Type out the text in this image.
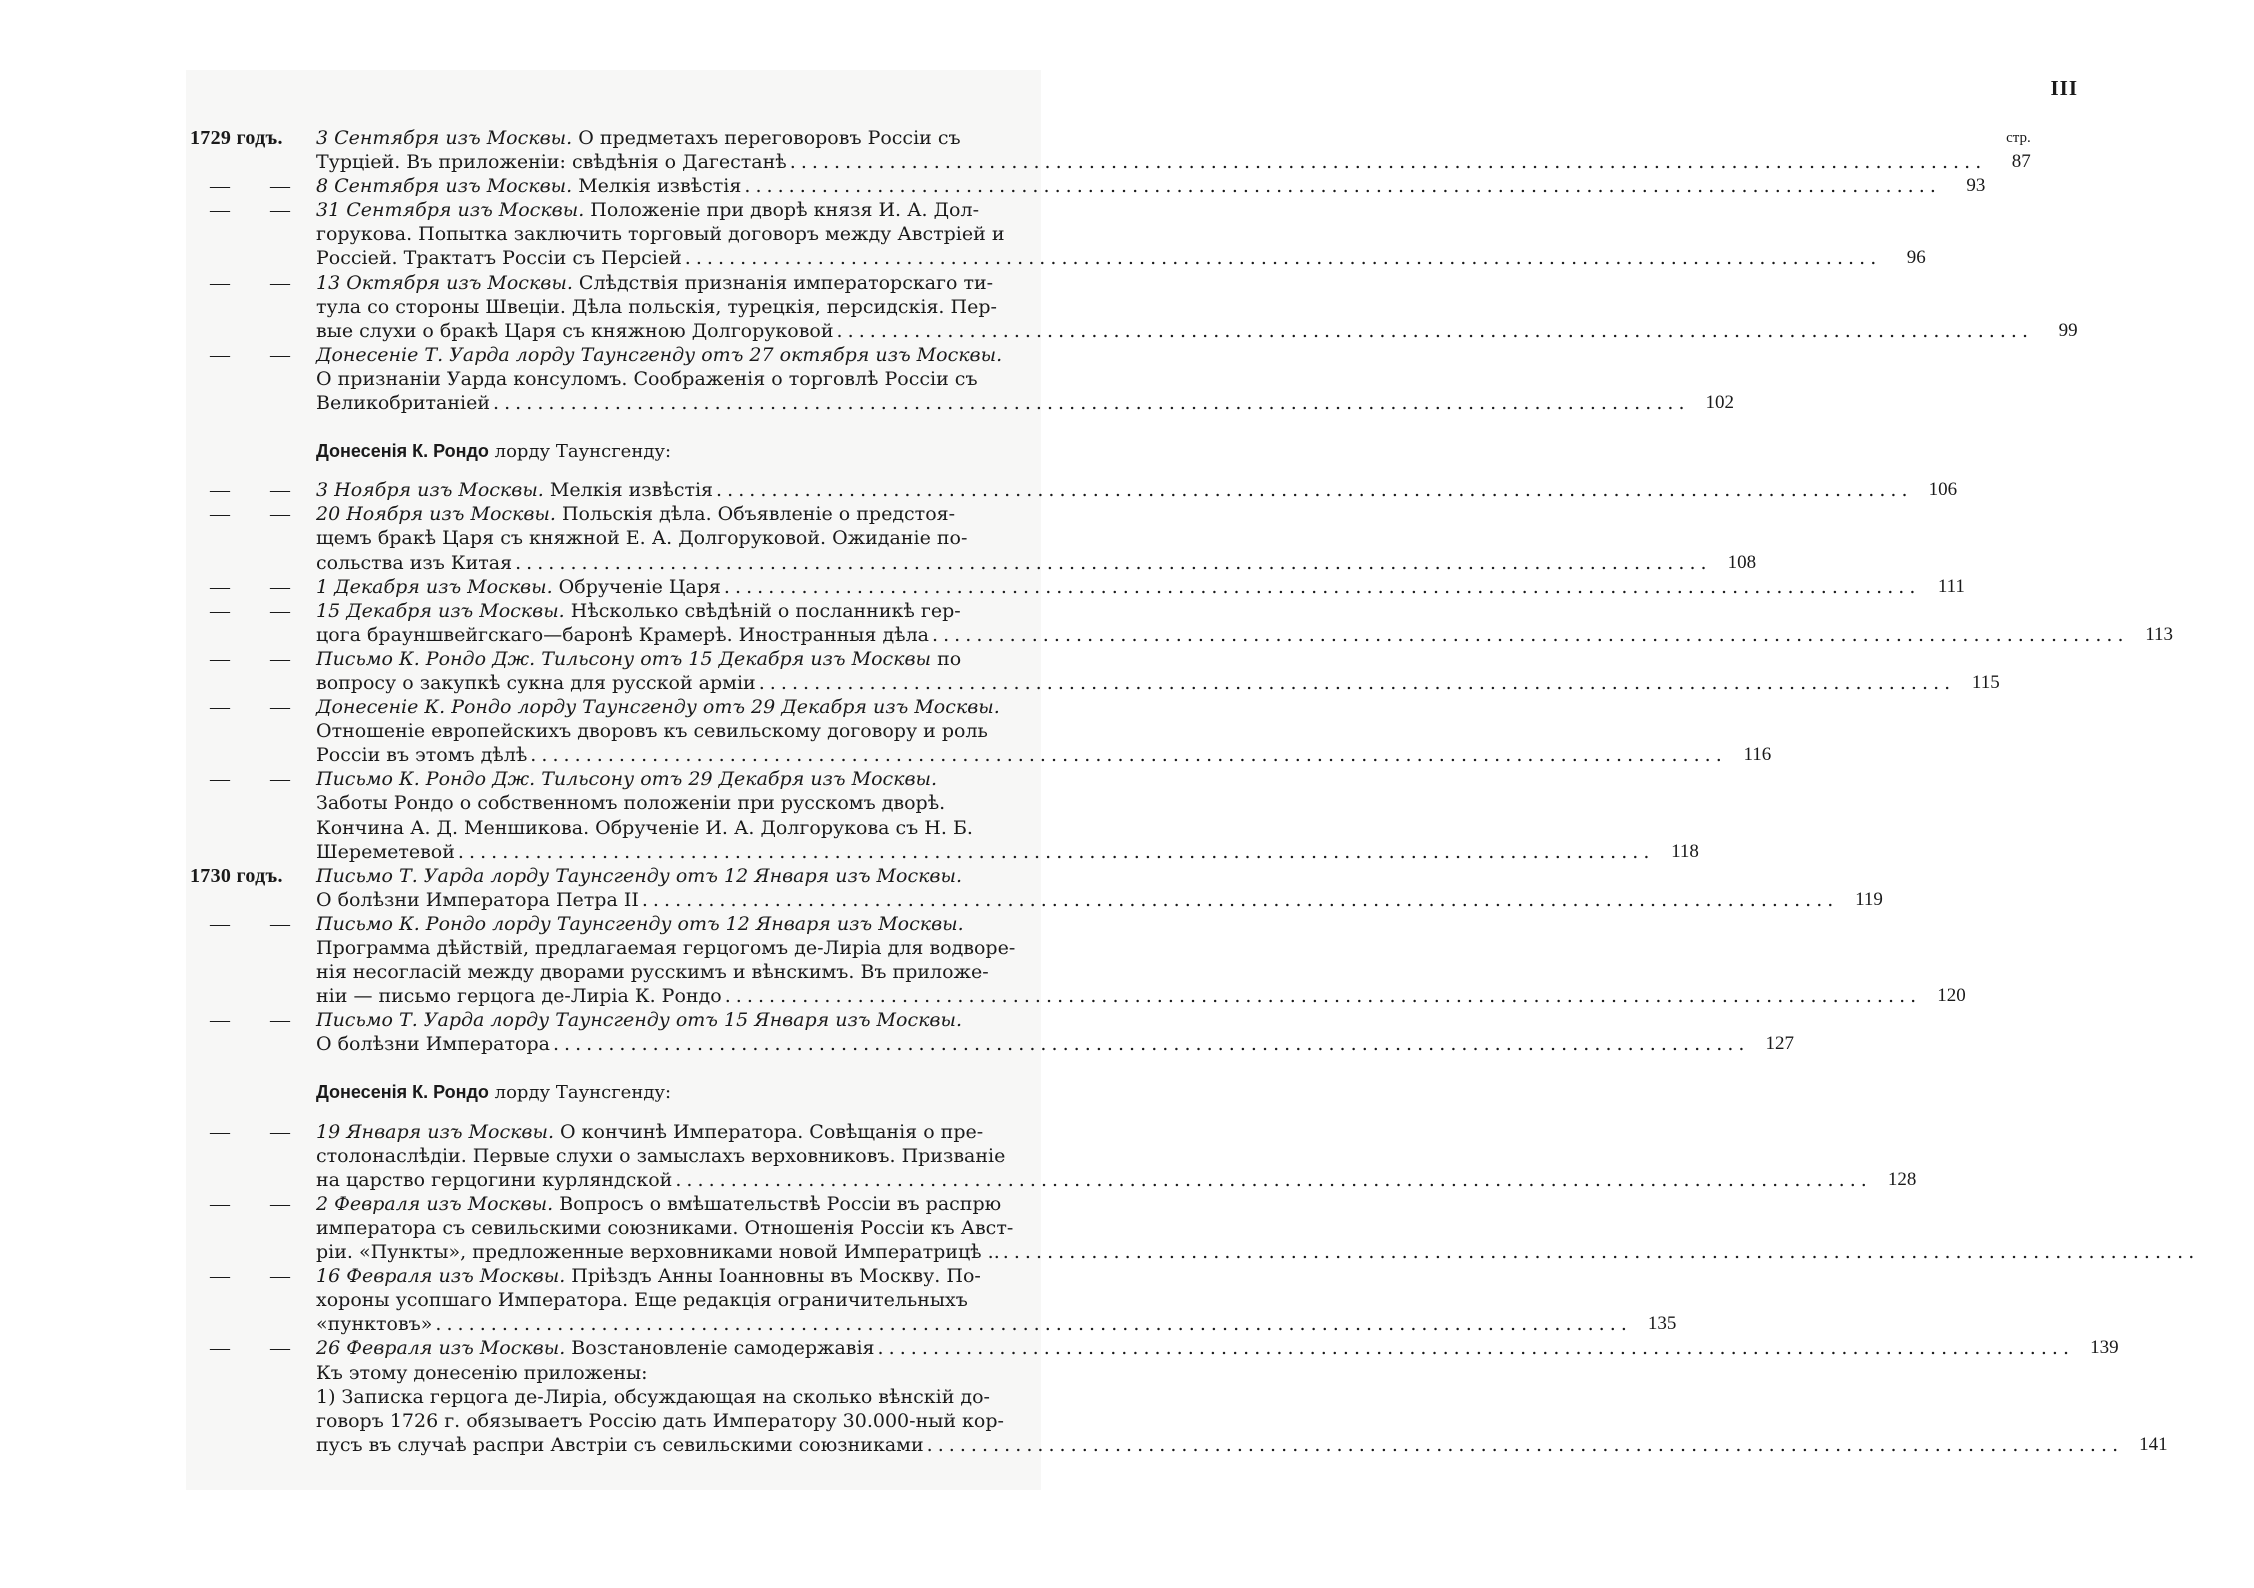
III
1729 годъ. 3 Сентября изъ Москвы. О предметахъ переговоровъ Россіи съ
Турціей. Въ приложеніи: свѣдѣнія о Дагестанѣ
. . .
стр.
87
— — 8 Сентября изъ Москвы. Мелкія извѣстія . . .	93
— — 31 Сентября изъ Москвы. Положеніе при дворѣ князя И. А. Дол-
горукова. Попытка заключить торговый договоръ между Австріей и
Россіей. Трактатъ Россіи съ Персіей . . .

	96
— — 13 Октября изъ Москвы. Слѣдствія признанія императорскаго ти-
тула со стороны Швеціи. Дѣла польскія, турецкія, персидскія. Пер-
вые слухи о бракѣ Царя съ княжною Долгоруковой . . .

	99
— — Донесеніе Т. Уарда лорду Таунсгенду отъ 27 октября изъ Москвы.
О признаніи Уарда консуломъ. Соображенія о торговлѣ Россіи съ
Великобританіей . . .

	102
Донесенія К. Рондо лорду Таунсгенду:
— — 3 Ноября изъ Москвы. Мелкія извѣстія . . .	106
— — 20 Ноября изъ Москвы. Польскія дѣла. Объявленіе о предстоя-
щемъ бракѣ Царя съ княжной Е. А. Долгоруковой. Ожиданіе по-
сольства изъ Китая . . .

	108
— — 1 Декабря изъ Москвы. Обрученіе Царя . . .	111
— — 15 Декабря изъ Москвы. Нѣсколько свѣдѣній о посланникѣ гер-
цога брауншвейгскаго—баронѣ Крамерѣ. Иностранныя дѣла . . .
	113
— — Письмо К. Рондо Дж. Тильсону отъ 15 Декабря изъ Москвы по
вопросу о закупкѣ сукна для русской арміи . . .
	115
— — Донесеніе К. Рондо лорду Таунсгенду отъ 29 Декабря изъ Москвы.
Отношеніе европейскихъ дворовъ къ севильскому договору и роль
Россіи въ этомъ дѣлѣ . . .

	116
— — Письмо К. Рондо Дж. Тильсону отъ 29 Декабря изъ Москвы.
Заботы Рондо о собственномъ положеніи при русскомъ дворѣ.
Кончина А. Д. Меншикова. Обрученіе И. А. Долгорукова съ Н. Б.
Шереметевой . . .

	118
1730 годъ. Письмо Т. Уарда лорду Таунсгенду отъ 12 Января изъ Москвы.
О болѣзни Императора Петра II . . .
	119
— — Письмо К. Рондо лорду Таунсгенду отъ 12 Января изъ Москвы.
Программа дѣйствій, предлагаемая герцогомъ де-Лиріа для водворе-
нія несогласій между дворами русскимъ и вѣнскимъ. Въ приложе-
ніи — письмо герцога де-Лиріа К. Рондо . . .

	120
— — Письмо Т. Уарда лорду Таунсгенду отъ 15 Января изъ Москвы.
О болѣзни Императора . . .
	127
Донесенія К. Рондо лорду Таунсгенду:
— — 19 Января изъ Москвы. О кончинѣ Императора. Совѣщанія о пре-
столонаслѣдіи. Первые слухи о замыслахъ верховниковъ. Призваніе
на царство герцогини курляндской . . .

	128
— — 2 Февраля изъ Москвы. Вопросъ о вмѣшательствѣ Россіи въ распрю
императора съ севильскими союзниками. Отношенія Россіи къ Авст-
ріи. «Пункты», предложенные верховниками новой Императрицѣ ..
. . .

— — 16 Февраля изъ Москвы. Пріѣздъ Анны Іоанновны въ Москву. По-
хороны усопшаго Императора. Еще редакція ограничительныхъ
«пунктовъ» . . .

	135
— — 26 Февраля изъ Москвы. Возстановленіе самодержавія . . .	139
Къ этому донесенію приложены:
1) Записка герцога де-Лиріа, обсуждающая на сколько вѣнскій до-
говоръ 1726 г. обязываетъ Россію дать Императору 30.000-ный кор-
пусъ въ случаѣ распри Австріи съ севильскими союзниками . . .

	141
